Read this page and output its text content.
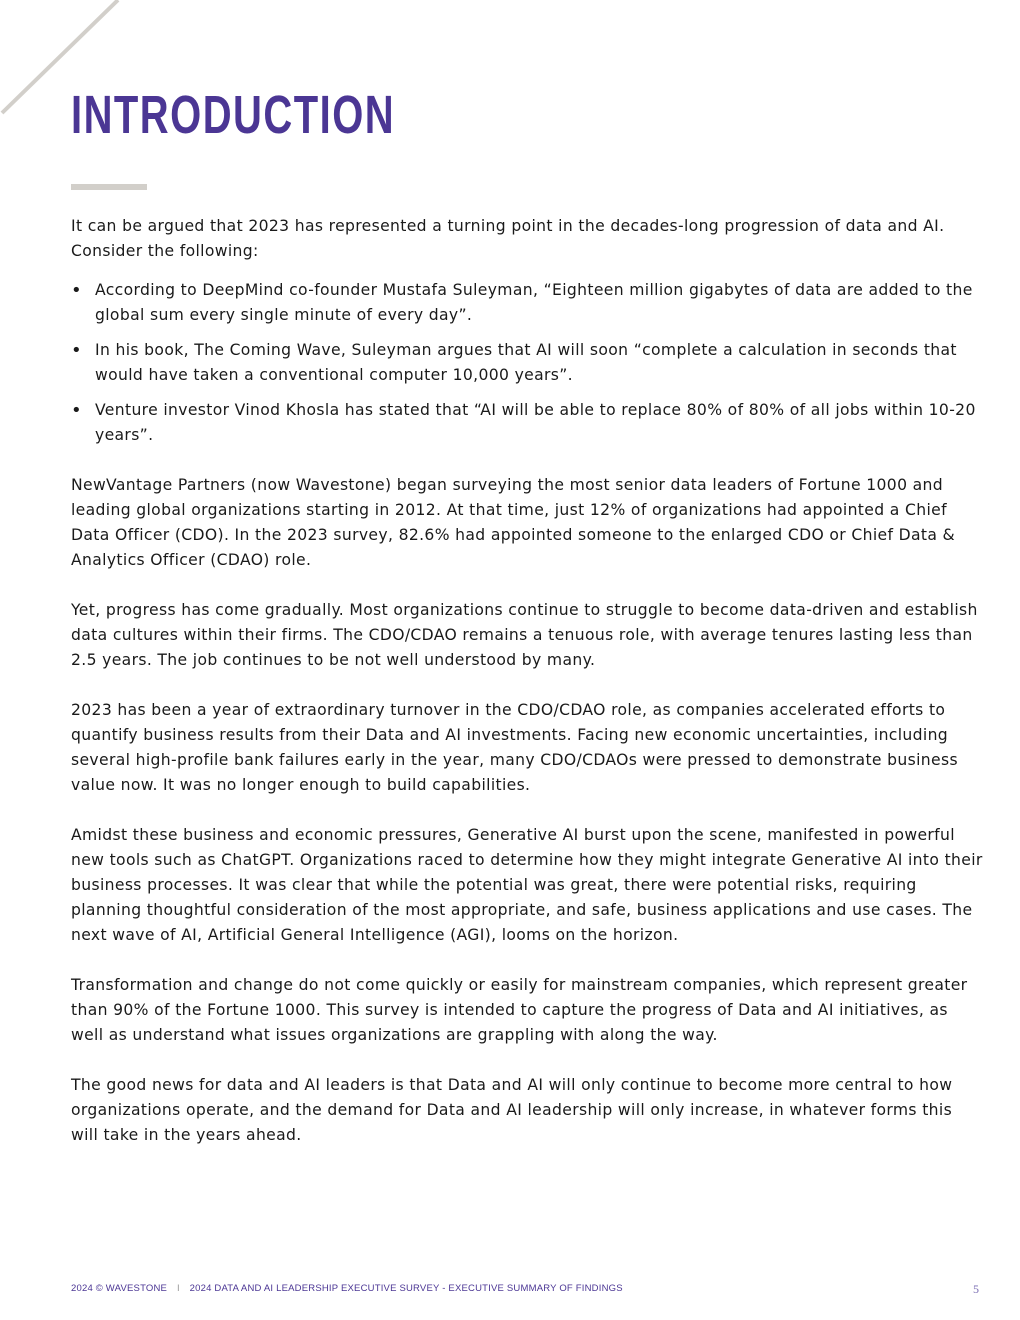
INTRODUCTION

It can be argued that 2023 has represented a turning point in the decades-long progression of data and AI. Consider the following:

• According to DeepMind co-founder Mustafa Suleyman, “Eighteen million gigabytes of data are added to the global sum every single minute of every day”.
• In his book, The Coming Wave, Suleyman argues that AI will soon “complete a calculation in seconds that would have taken a conventional computer 10,000 years”.
• Venture investor Vinod Khosla has stated that “AI will be able to replace 80% of 80% of all jobs within 10-20 years”.

NewVantage Partners (now Wavestone) began surveying the most senior data leaders of Fortune 1000 and leading global organizations starting in 2012. At that time, just 12% of organizations had appointed a Chief Data Officer (CDO). In the 2023 survey, 82.6% had appointed someone to the enlarged CDO or Chief Data & Analytics Officer (CDAO) role.

Yet, progress has come gradually. Most organizations continue to struggle to become data-driven and establish data cultures within their firms. The CDO/CDAO remains a tenuous role, with average tenures lasting less than 2.5 years. The job continues to be not well understood by many.

2023 has been a year of extraordinary turnover in the CDO/CDAO role, as companies accelerated efforts to quantify business results from their Data and AI investments. Facing new economic uncertainties, including several high-profile bank failures early in the year, many CDO/CDAOs were pressed to demonstrate business value now. It was no longer enough to build capabilities.

Amidst these business and economic pressures, Generative AI burst upon the scene, manifested in powerful new tools such as ChatGPT. Organizations raced to determine how they might integrate Generative AI into their business processes. It was clear that while the potential was great, there were potential risks, requiring planning thoughtful consideration of the most appropriate, and safe, business applications and use cases. The next wave of AI, Artificial General Intelligence (AGI), looms on the horizon.

Transformation and change do not come quickly or easily for mainstream companies, which represent greater than 90% of the Fortune 1000. This survey is intended to capture the progress of Data and AI initiatives, as well as understand what issues organizations are grappling with along the way.

The good news for data and AI leaders is that Data and AI will only continue to become more central to how organizations operate, and the demand for Data and AI leadership will only increase, in whatever forms this will take in the years ahead.

2024 © WAVESTONE I 2024 DATA AND AI LEADERSHIP EXECUTIVE SURVEY - EXECUTIVE SUMMARY OF FINDINGS	5
